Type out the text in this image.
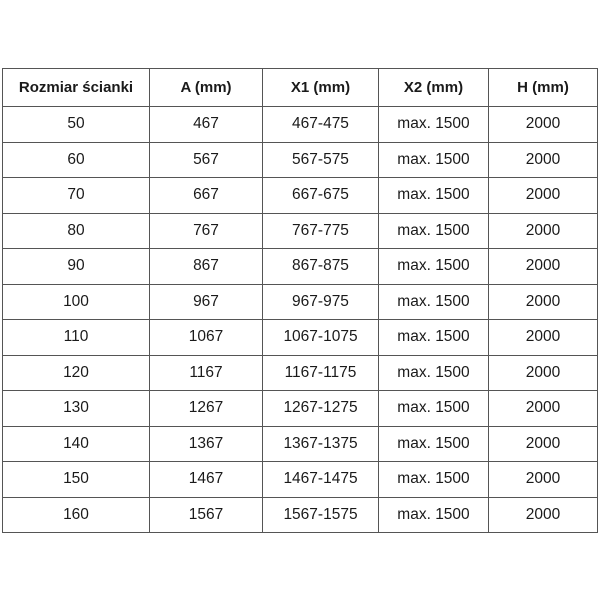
Rozmiar ścianki	A (mm)	X1 (mm)	X2 (mm)	H (mm)
50	467	467-475	max. 1500	2000
60	567	567-575	max. 1500	2000
70	667	667-675	max. 1500	2000
80	767	767-775	max. 1500	2000
90	867	867-875	max. 1500	2000
100	967	967-975	max. 1500	2000
110	1067	1067-1075	max. 1500	2000
120	1167	1167-1175	max. 1500	2000
130	1267	1267-1275	max. 1500	2000
140	1367	1367-1375	max. 1500	2000
150	1467	1467-1475	max. 1500	2000
160	1567	1567-1575	max. 1500	2000
